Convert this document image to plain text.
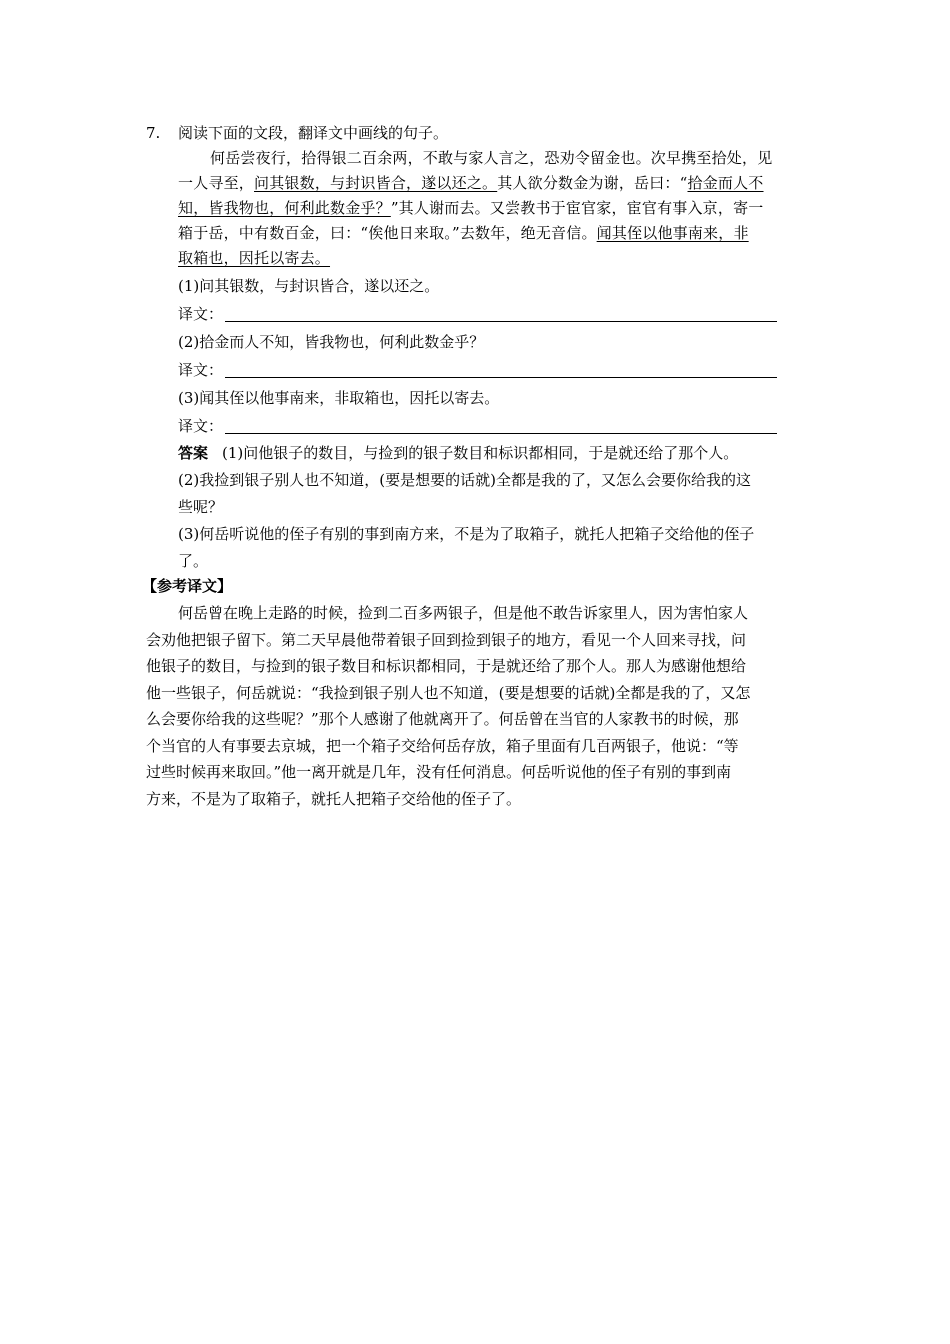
7. 阅读下面的文段，翻译文中画线的句子。
何岳尝夜行，拾得银二百余两，不敢与家人言之，恐劝令留金也。次早携至拾处，见
一人寻至，问其银数，与封识皆合，遂以还之。其人欲分数金为谢，岳曰：“拾金而人不
知，皆我物也，何利此数金乎？”其人谢而去。又尝教书于宦官家，宦官有事入京，寄一
箱于岳，中有数百金，曰：“俟他日来取。”去数年，绝无音信。闻其侄以他事南来，非
取箱也，因托以寄去。
(1)问其银数，与封识皆合，遂以还之。
译文：
(2)拾金而人不知，皆我物也，何利此数金乎？
译文：
(3)闻其侄以他事南来，非取箱也，因托以寄去。
译文：
答案 (1)问他银子的数目，与捡到的银子数目和标识都相同，于是就还给了那个人。
(2)我捡到银子别人也不知道，(要是想要的话就)全都是我的了，又怎么会要你给我的这
些呢？
(3)何岳听说他的侄子有别的事到南方来，不是为了取箱子，就托人把箱子交给他的侄子
了。
【参考译文】
何岳曾在晚上走路的时候，捡到二百多两银子，但是他不敢告诉家里人，因为害怕家人
会劝他把银子留下。第二天早晨他带着银子回到捡到银子的地方，看见一个人回来寻找，问
他银子的数目，与捡到的银子数目和标识都相同，于是就还给了那个人。那人为感谢他想给
他一些银子，何岳就说：“我捡到银子别人也不知道，(要是想要的话就)全都是我的了，又怎
么会要你给我的这些呢？”那个人感谢了他就离开了。何岳曾在当官的人家教书的时候，那
个当官的人有事要去京城，把一个箱子交给何岳存放，箱子里面有几百两银子，他说：“等
过些时候再来取回。”他一离开就是几年，没有任何消息。何岳听说他的侄子有别的事到南
方来，不是为了取箱子，就托人把箱子交给他的侄子了。
